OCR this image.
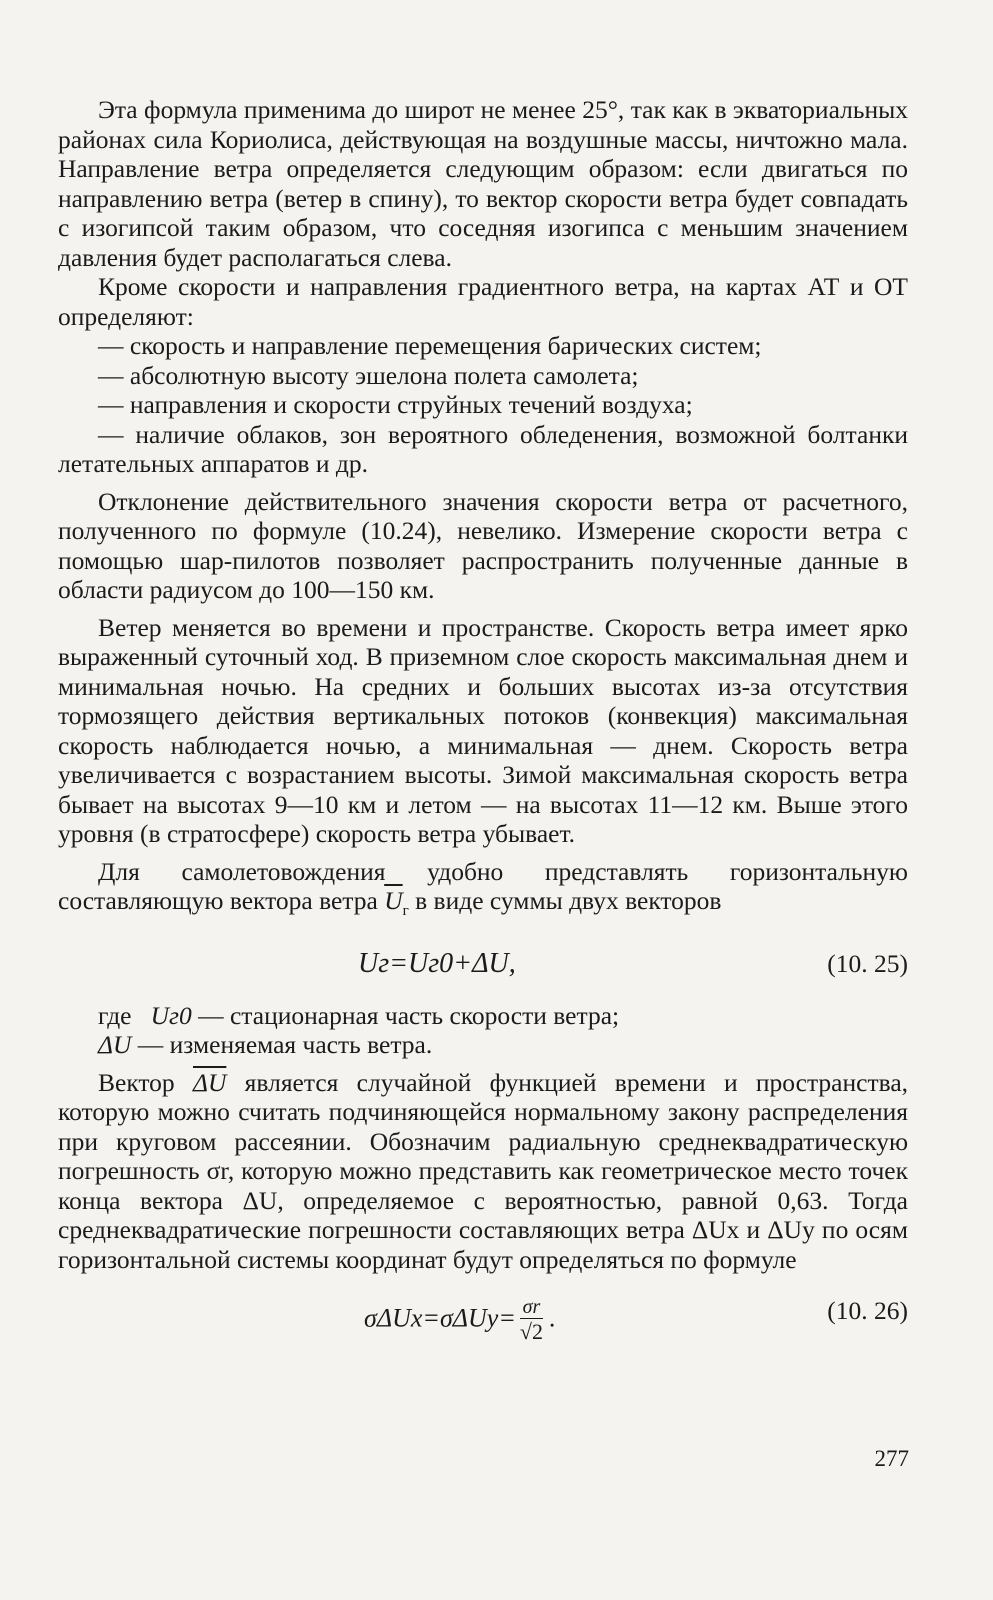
Эта формула применима до широт не менее 25°, так как в экваториальных районах сила Кориолиса, действующая на воздушные массы, ничтожно мала. Направление ветра определяется следующим образом: если двигаться по направлению ветра (ветер в спину), то вектор скорости ветра будет совпадать с изогипсой таким образом, что соседняя изогипса с меньшим значением давления будет располагаться слева.

Кроме скорости и направления градиентного ветра, на картах АТ и ОТ определяют:

— скорость и направление перемещения барических систем;

— абсолютную высоту эшелона полета самолета;

— направления и скорости струйных течений воздуха;

— наличие облаков, зон вероятного обледенения, возможной болтанки летательных аппаратов и др.

Отклонение действительного значения скорости ветра от расчетного, полученного по формуле (10.24), невелико. Измерение скорости ветра с помощью шар-пилотов позволяет распространить полученные данные в области радиусом до 100—150 км.

Ветер меняется во времени и пространстве. Скорость ветра имеет ярко выраженный суточный ход. В приземном слое скорость максимальная днем и минимальная ночью. На средних и больших высотах из-за отсутствия тормозящего действия вертикальных потоков (конвекция) максимальная скорость наблюдается ночью, а минимальная — днем. Скорость ветра увеличивается с возрастанием высоты. Зимой максимальная скорость ветра бывает на высотах 9—10 км и летом — на высотах 11—12 км. Выше этого уровня (в стратосфере) скорость ветра убывает.

Для самолетовождения удобно представлять горизонтальную составляющую вектора ветра $\overline{U}_г$ в виде суммы двух векторов

Uг=Uг0+ΔU,	(10. 25)

где Uг0 — стационарная часть скорости ветра;

ΔU — изменяемая часть ветра.

Вектор $\overline{\Delta U}$ является случайной функцией времени и пространства, которую можно считать подчиняющейся нормальному закону распределения при круговом рассеянии. Обозначим радиальную среднеквадратическую погрешность σr, которую можно представить как геометрическое место точек конца вектора ΔU, определяемое с вероятностью, равной 0,63. Тогда среднеквадратические погрешности составляющих ветра ΔUx и ΔUy по осям горизонтальной системы координат будут определяться по формуле

$\sigma\Delta Ux=\sigma\Delta Uy= \frac{\sigma r}{√2}$ .	(10. 26)
277
